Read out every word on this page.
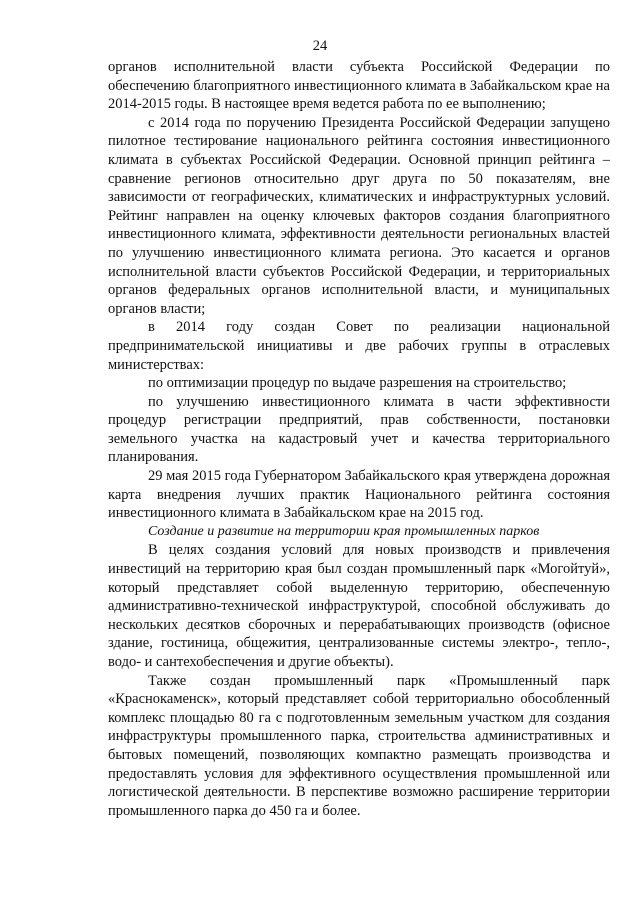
24

органов исполнительной власти субъекта Российской Федерации по обеспечению благоприятного инвестиционного климата в Забайкальском крае на 2014-2015 годы. В настоящее время ведется работа по ее выполнению;

с 2014 года по поручению Президента Российской Федерации запущено пилотное тестирование национального рейтинга состояния инвестиционного климата в субъектах Российской Федерации. Основной принцип рейтинга – сравнение регионов относительно друг друга по 50 показателям, вне зависимости от географических, климатических и инфраструктурных условий. Рейтинг направлен на оценку ключевых факторов создания благоприятного инвестиционного климата, эффективности деятельности региональных властей по улучшению инвестиционного климата региона. Это касается и органов исполнительной власти субъектов Российской Федерации, и территориальных органов федеральных органов исполнительной власти, и муниципальных органов власти;

в 2014 году создан Совет по реализации национальной предпринимательской инициативы и две рабочих группы в отраслевых министерствах:

по оптимизации процедур по выдаче разрешения на строительство;

по улучшению инвестиционного климата в части эффективности процедур регистрации предприятий, прав собственности, постановки земельного участка на кадастровый учет и качества территориального планирования.

29 мая 2015 года Губернатором Забайкальского края утверждена дорожная карта внедрения лучших практик Национального рейтинга состояния инвестиционного климата в Забайкальском крае на 2015 год.

Создание и развитие на территории края промышленных парков

В целях создания условий для новых производств и привлечения инвестиций на территорию края был создан промышленный парк «Могойтуй», который представляет собой выделенную территорию, обеспеченную административно-технической инфраструктурой, способной обслуживать до нескольких десятков сборочных и перерабатывающих производств (офисное здание, гостиница, общежития, централизованные системы электро-, тепло-, водо- и сантехобеспечения и другие объекты).

Также создан промышленный парк «Промышленный парк «Краснокаменск», который представляет собой территориально обособленный комплекс площадью 80 га с подготовленным земельным участком для создания инфраструктуры промышленного парка, строительства административных и бытовых помещений, позволяющих компактно размещать производства и предоставлять условия для эффективного осуществления промышленной или логистической деятельности. В перспективе возможно расширение территории промышленного парка до 450 га и более.
